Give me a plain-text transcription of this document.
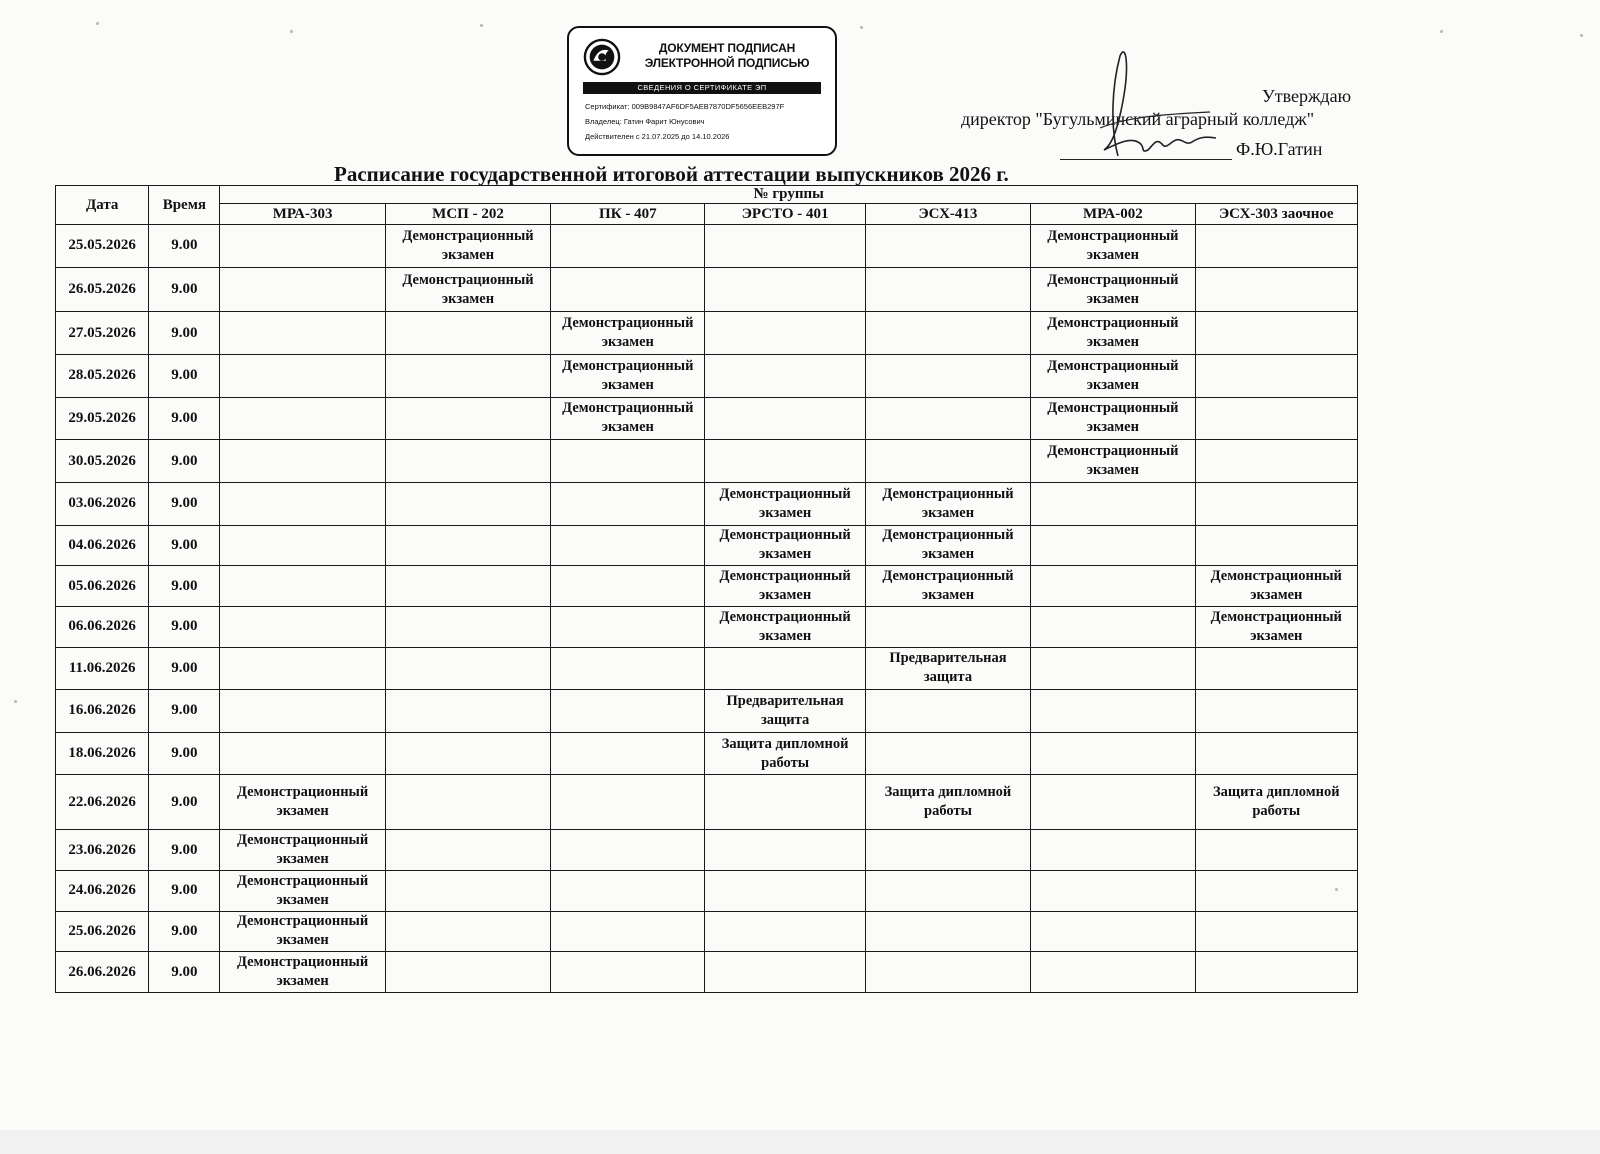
ДОКУМЕНТ ПОДПИСАН
ЭЛЕКТРОННОЙ ПОДПИСЬЮ
СВЕДЕНИЯ О СЕРТИФИКАТЕ ЭП
Сертификат: 009B9847AF6DF5AEB7870DF5656EEB297F
Владелец: Гатин Фарит Юнусович
Действителен с 21.07.2025 до 14.10.2026
Утверждаю
директор "Бугульминский аграрный колледж"
Ф.Ю.Гатин
Расписание государственной итоговой аттестации выпускников 2026 г.
Дата	Время	№ группы						
		МРА-303	МСП - 202	ПК - 407	ЭРСТО - 401	ЭСХ-413	МРА-002	ЭСХ-303 заочное
25.05.2026	9.00		Демонстрационный экзамен				Демонстрационный экзамен	
26.05.2026	9.00		Демонстрационный экзамен				Демонстрационный экзамен	
27.05.2026	9.00			Демонстрационный экзамен			Демонстрационный экзамен	
28.05.2026	9.00			Демонстрационный экзамен			Демонстрационный экзамен	
29.05.2026	9.00			Демонстрационный экзамен			Демонстрационный экзамен	
30.05.2026	9.00						Демонстрационный экзамен	
03.06.2026	9.00				Демонстрационный экзамен	Демонстрационный экзамен		
04.06.2026	9.00				Демонстрационный экзамен	Демонстрационный экзамен		
05.06.2026	9.00				Демонстрационный экзамен	Демонстрационный экзамен		Демонстрационный экзамен
06.06.2026	9.00				Демонстрационный экзамен			Демонстрационный экзамен
11.06.2026	9.00					Предварительная защита		
16.06.2026	9.00				Предварительная защита			
18.06.2026	9.00				Защита дипломной работы			
22.06.2026	9.00	Демонстрационный экзамен				Защита дипломной работы		Защита дипломной работы
23.06.2026	9.00	Демонстрационный экзамен						
24.06.2026	9.00	Демонстрационный экзамен						
25.06.2026	9.00	Демонстрационный экзамен						
26.06.2026	9.00	Демонстрационный экзамен						
